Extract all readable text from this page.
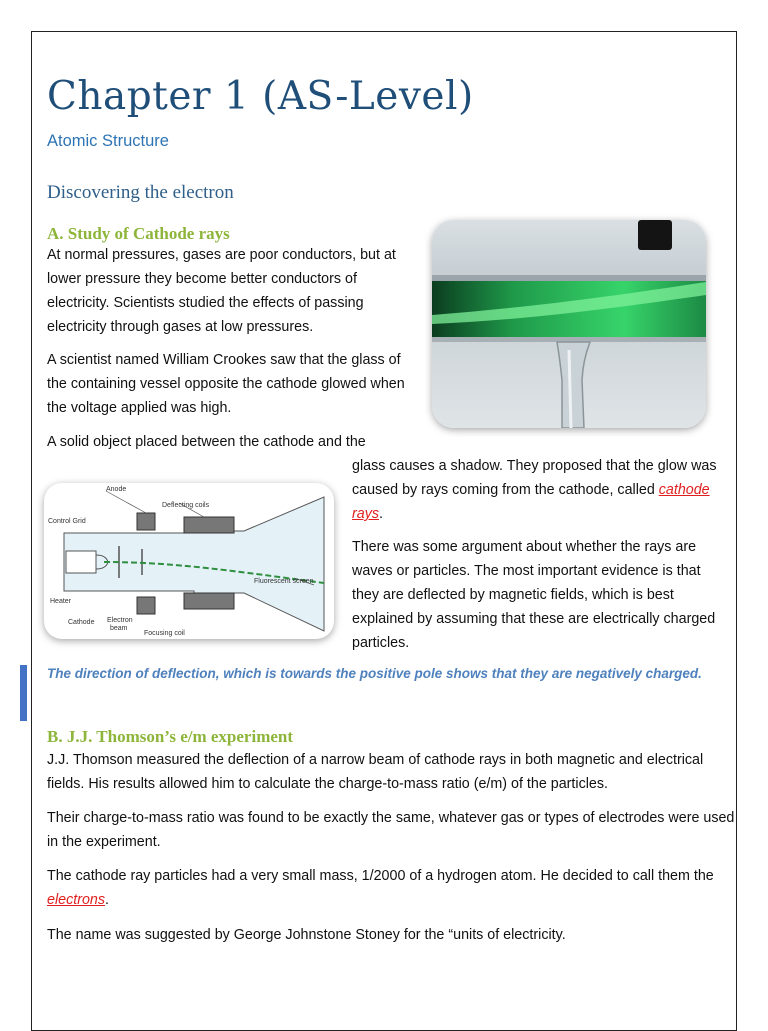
Chapter 1 (AS-Level)
Atomic Structure
Discovering the electron
A. Study of Cathode rays
At normal pressures, gases are poor conductors, but at lower pressure they become better conductors of electricity. Scientists studied the effects of passing electricity through gases at low pressures.
A scientist named William Crookes saw that the glass of the containing vessel opposite the cathode glowed when the voltage applied was high.
A solid object placed between the cathode and the
glass causes a shadow. They proposed that the glow was caused by rays coming from the cathode, called cathode rays.
There was some argument about whether the rays are waves or particles. The most important evidence is that they are deflected by magnetic fields, which is best explained by assuming that these are electrically charged particles.
Anode
Deflecting coils
Control Grid
Fluorescent screen
Heater
Cathode Electron
beam
Focusing coil
The direction of deflection, which is towards the positive pole shows that they are negatively charged.
B. J.J. Thomson’s e/m experiment
J.J. Thomson measured the deflection of a narrow beam of cathode rays in both magnetic and electrical fields. His results allowed him to calculate the charge-to-mass ratio (e/m) of the particles.
Their charge-to-mass ratio was found to be exactly the same, whatever gas or types of electrodes were used in the experiment.
The cathode ray particles had a very small mass, 1/2000 of a hydrogen atom. He decided to call them the electrons.
The name was suggested by George Johnstone Stoney for the “units of electricity.
